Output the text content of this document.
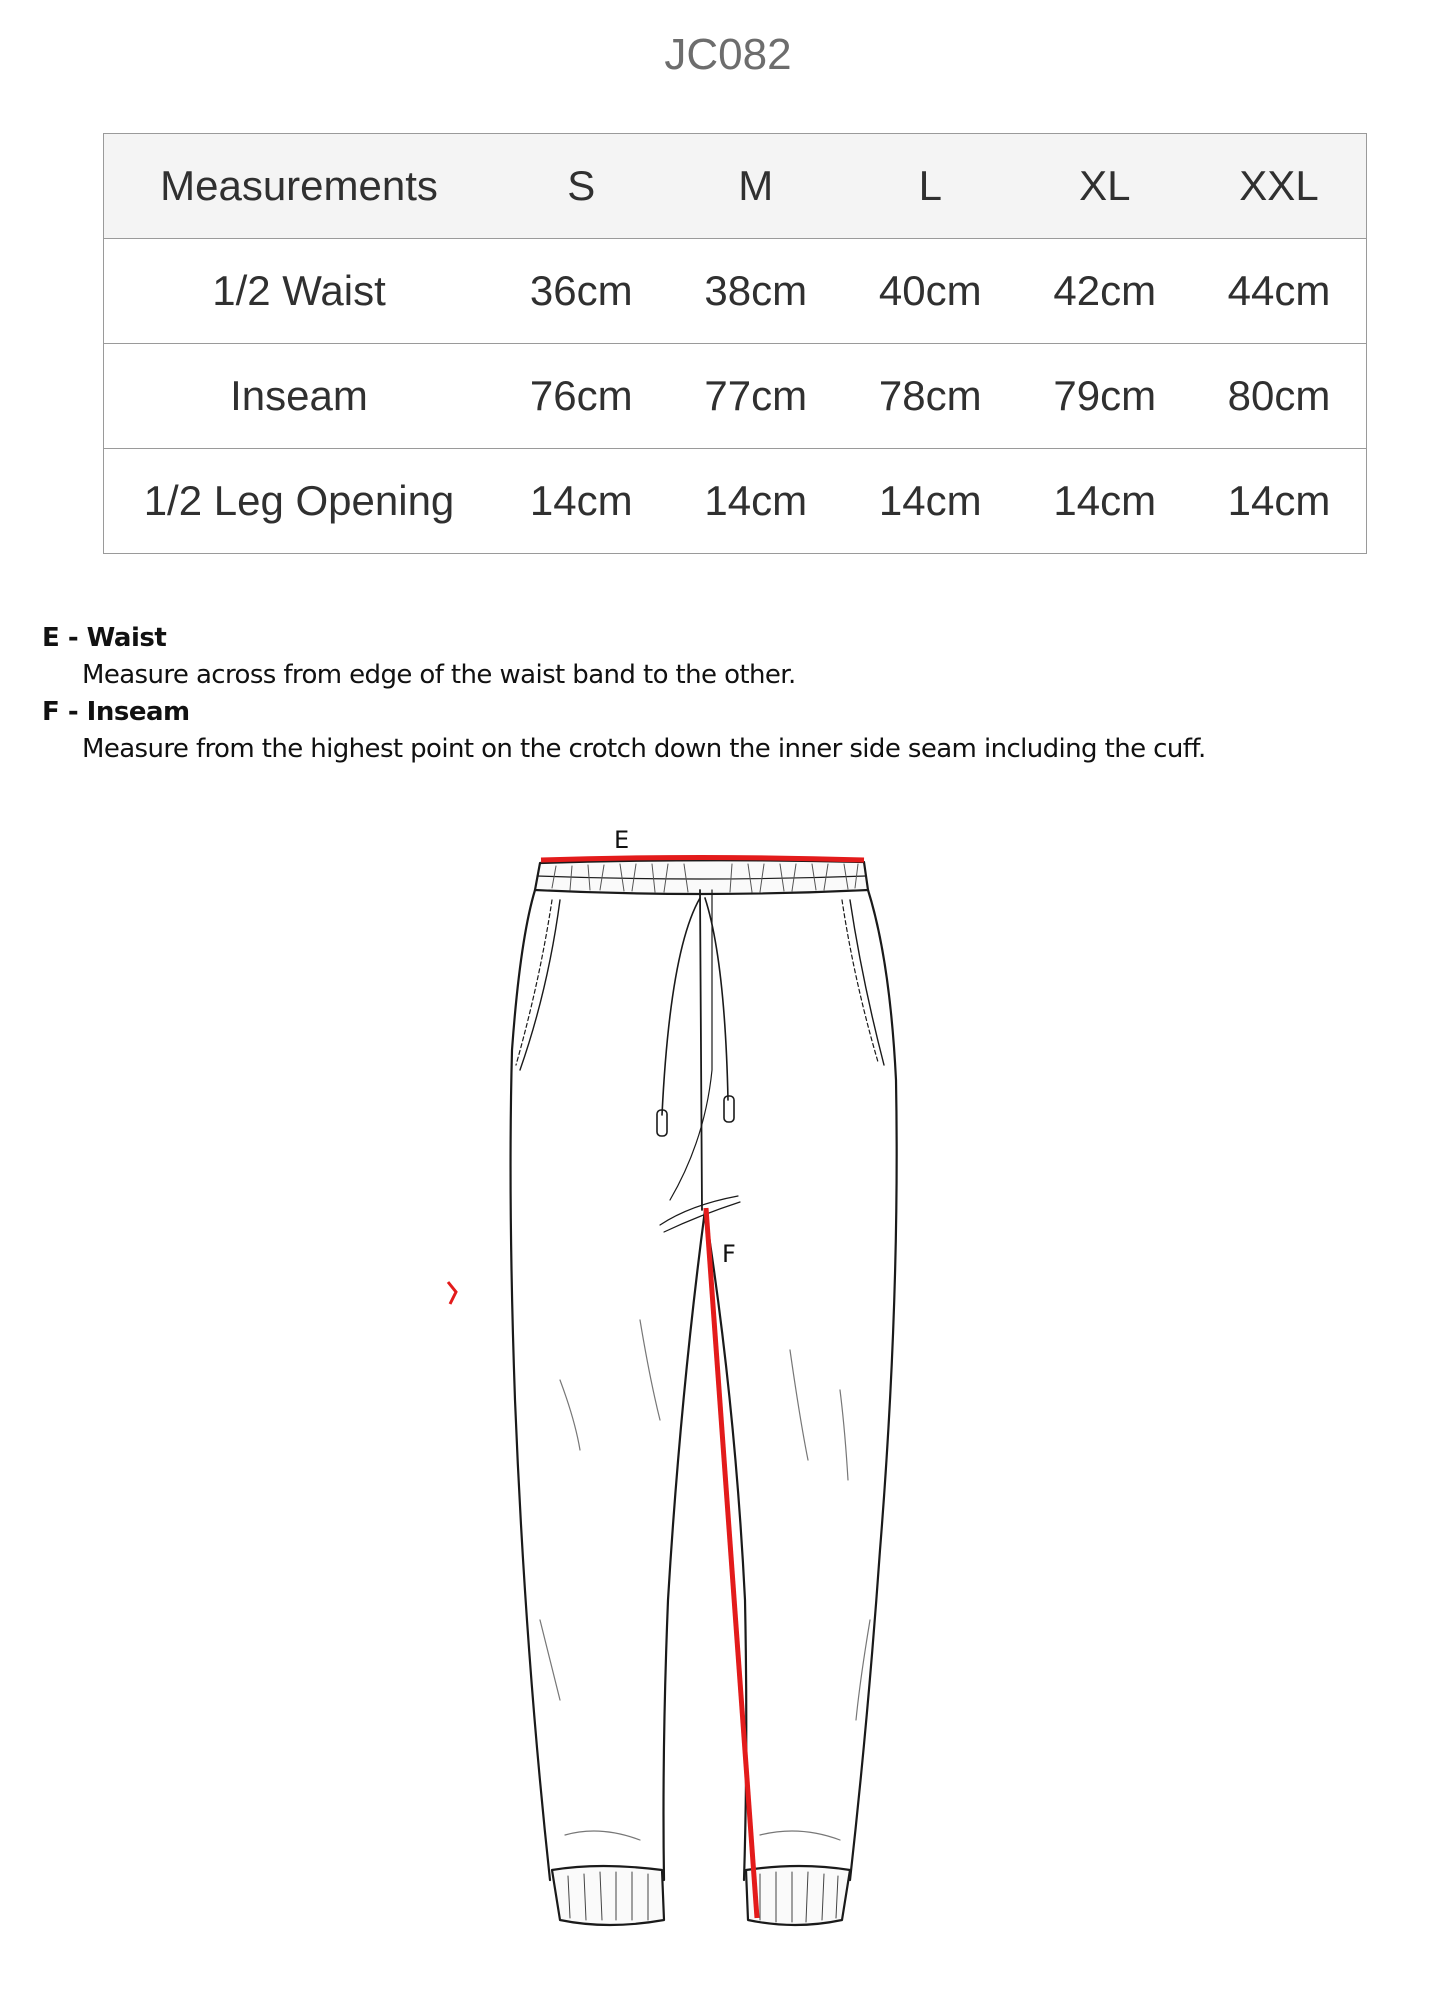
JC082
Measurements	S	M	L	XL	XXL
1/2 Waist	36cm	38cm	40cm	42cm	44cm
Inseam	76cm	77cm	78cm	79cm	80cm
1/2 Leg Opening	14cm	14cm	14cm	14cm	14cm
E - Waist
Measure across from edge of the waist band to the other.
F - Inseam
Measure from the highest point on the crotch down the inner side seam including the cuff.
E
F
